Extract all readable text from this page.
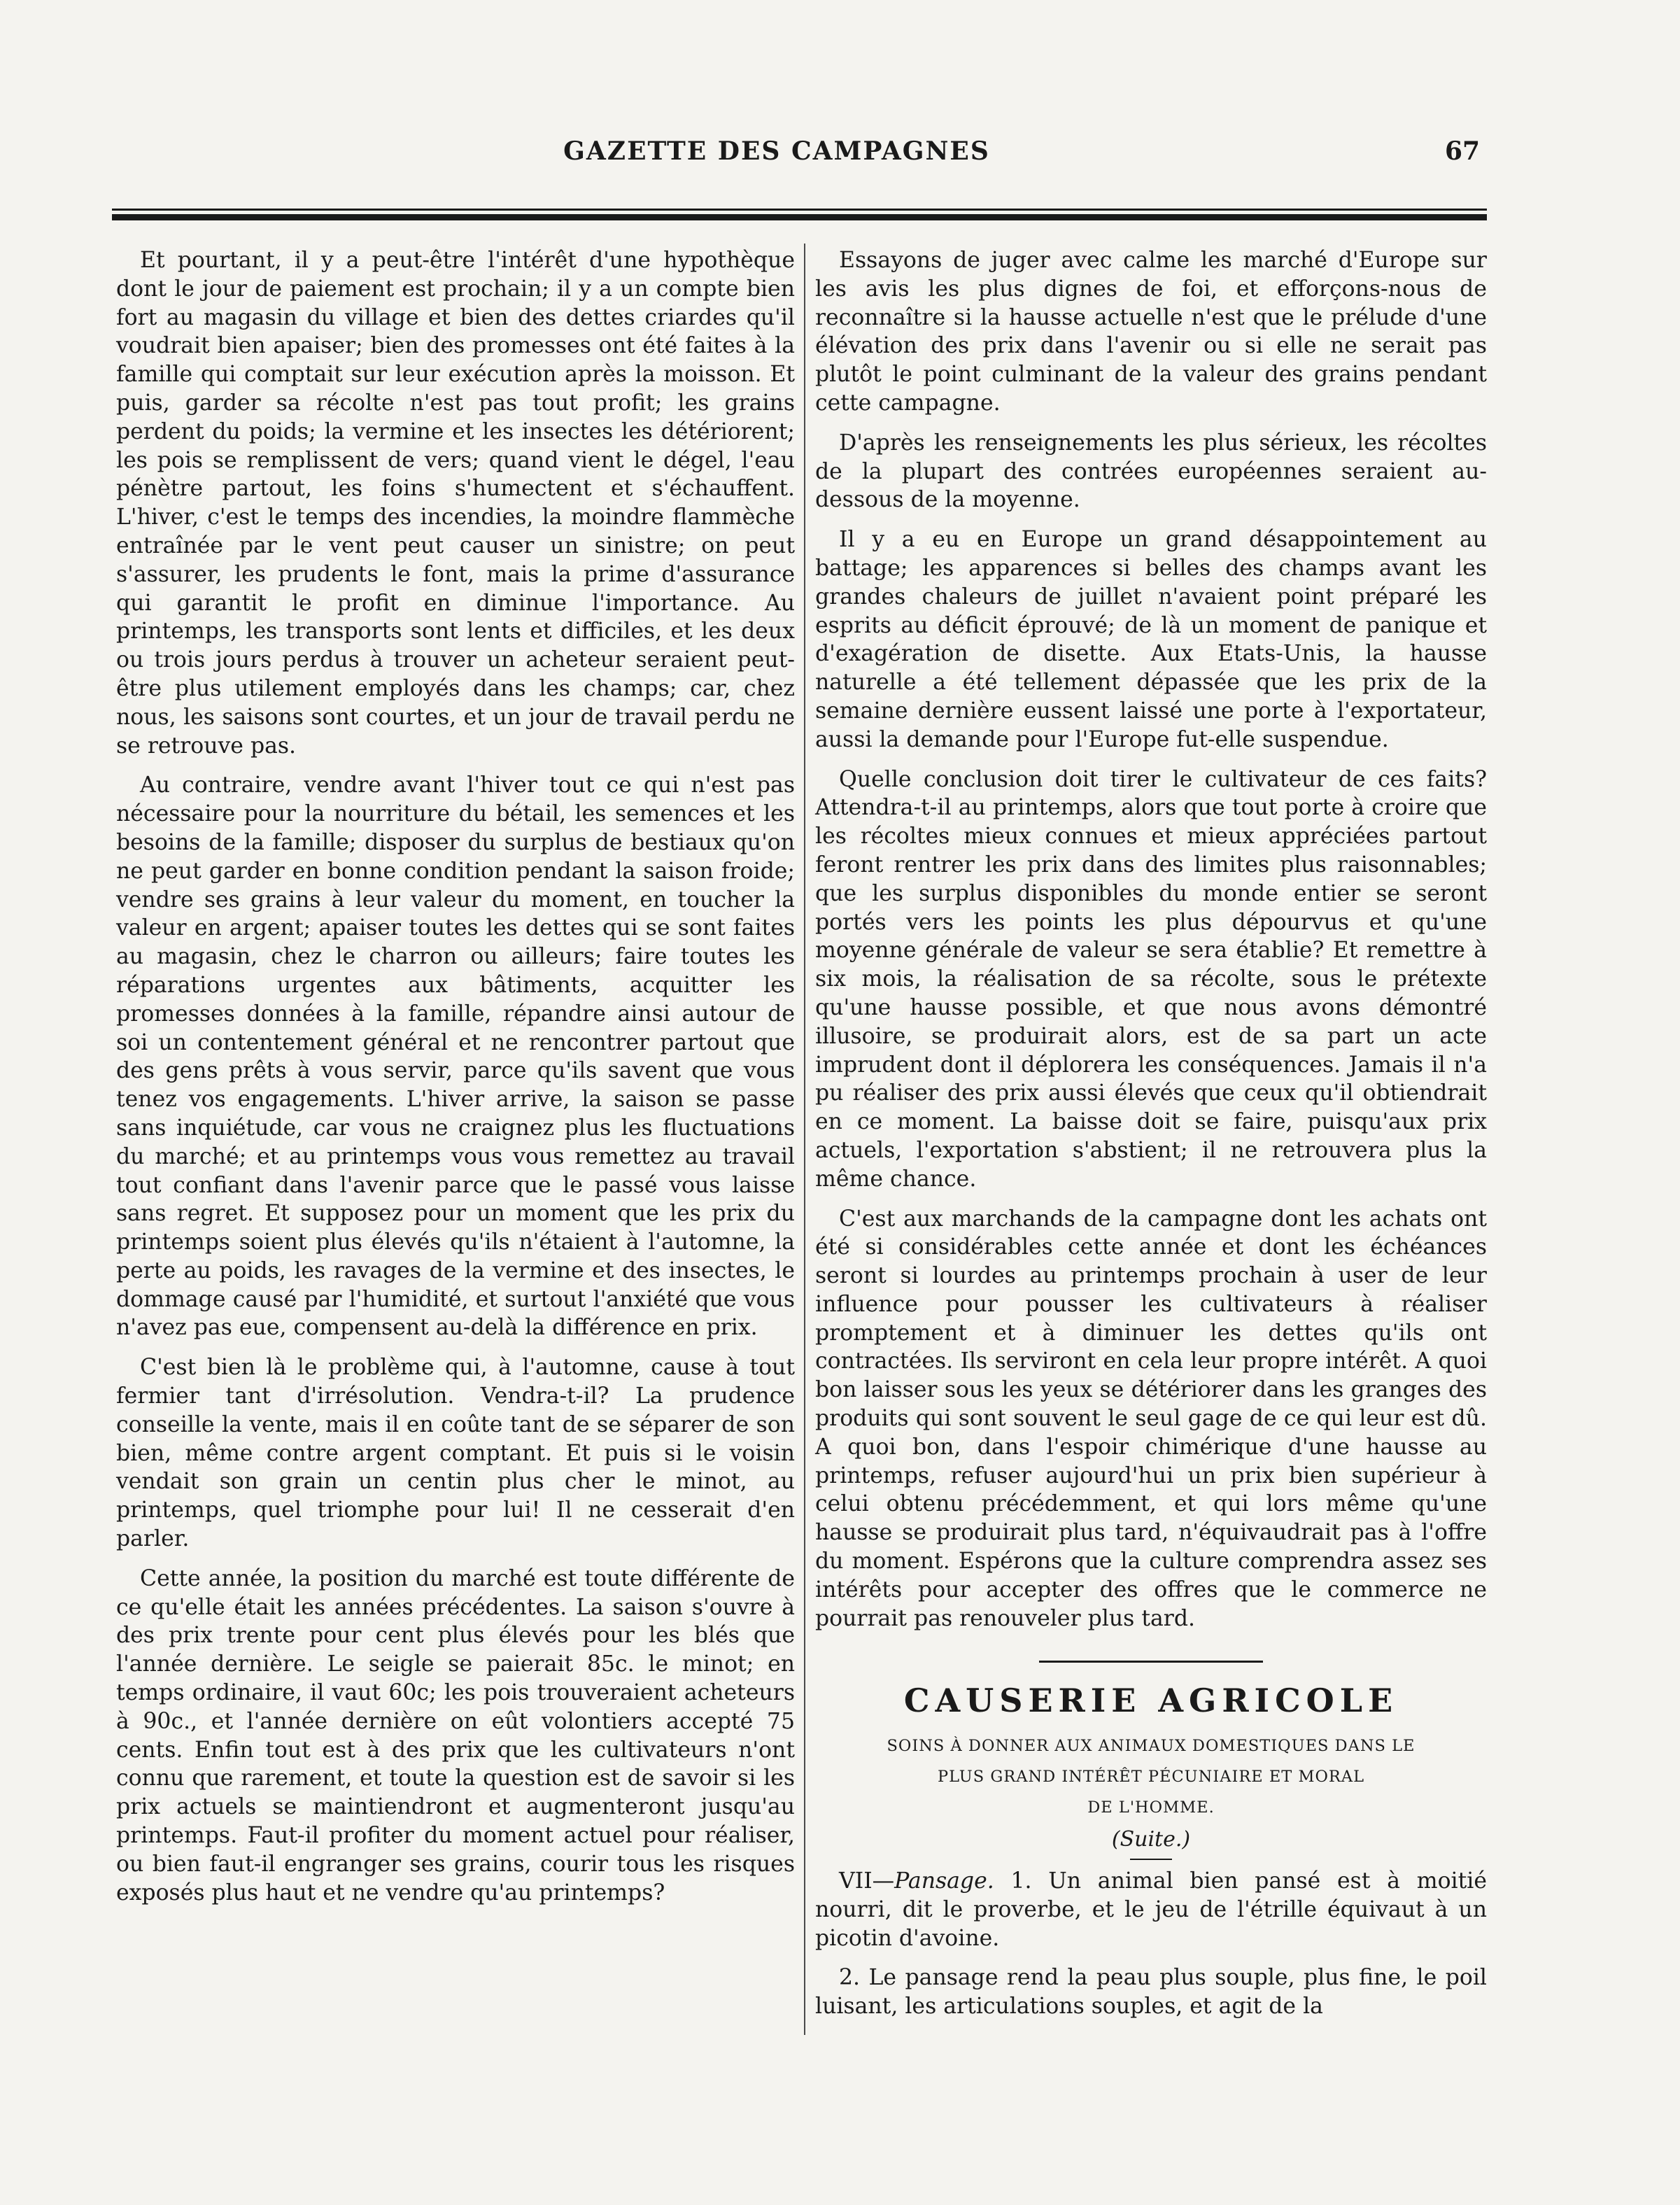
GAZETTE DES CAMPAGNES	67

Et pourtant, il y a peut-être l'intérêt d'une hypothèque dont le jour de paiement est prochain; il y a un compte bien fort au magasin du village et bien des dettes criardes qu'il voudrait bien apaiser; bien des promesses ont été faites à la famille qui comptait sur leur exécution après la moisson. Et puis, garder sa récolte n'est pas tout profit; les grains perdent du poids; la vermine et les insectes les détériorent; les pois se remplissent de vers; quand vient le dégel, l'eau pénètre partout, les foins s'humectent et s'échauffent. L'hiver, c'est le temps des incendies, la moindre flammèche entraînée par le vent peut causer un sinistre; on peut s'assurer, les prudents le font, mais la prime d'assurance qui garantit le profit en diminue l'importance. Au printemps, les transports sont lents et difficiles, et les deux ou trois jours perdus à trouver un acheteur seraient peut-être plus utilement employés dans les champs; car, chez nous, les saisons sont courtes, et un jour de travail perdu ne se retrouve pas.

Au contraire, vendre avant l'hiver tout ce qui n'est pas nécessaire pour la nourriture du bétail, les semences et les besoins de la famille; disposer du surplus de bestiaux qu'on ne peut garder en bonne condition pendant la saison froide; vendre ses grains à leur valeur du moment, en toucher la valeur en argent; apaiser toutes les dettes qui se sont faites au magasin, chez le charron ou ailleurs; faire toutes les réparations urgentes aux bâtiments, acquitter les promesses données à la famille, répandre ainsi autour de soi un contentement général et ne rencontrer partout que des gens prêts à vous servir, parce qu'ils savent que vous tenez vos engagements. L'hiver arrive, la saison se passe sans inquiétude, car vous ne craignez plus les fluctuations du marché; et au printemps vous vous remettez au travail tout confiant dans l'avenir parce que le passé vous laisse sans regret. Et supposez pour un moment que les prix du printemps soient plus élevés qu'ils n'étaient à l'automne, la perte au poids, les ravages de la vermine et des insectes, le dommage causé par l'humidité, et surtout l'anxiété que vous n'avez pas eue, compensent au-delà la différence en prix.

C'est bien là le problème qui, à l'automne, cause à tout fermier tant d'irrésolution. Vendra-t-il? La prudence conseille la vente, mais il en coûte tant de se séparer de son bien, même contre argent comptant. Et puis si le voisin vendait son grain un centin plus cher le minot, au printemps, quel triomphe pour lui! Il ne cesserait d'en parler.

Cette année, la position du marché est toute différente de ce qu'elle était les années précédentes. La saison s'ouvre à des prix trente pour cent plus élevés pour les blés que l'année dernière. Le seigle se paierait 85c. le minot; en temps ordinaire, il vaut 60c; les pois trouveraient acheteurs à 90c., et l'année dernière on eût volontiers accepté 75 cents. Enfin tout est à des prix que les cultivateurs n'ont connu que rarement, et toute la question est de savoir si les prix actuels se maintiendront et augmenteront jusqu'au printemps. Faut-il profiter du moment actuel pour réaliser, ou bien faut-il engranger ses grains, courir tous les risques exposés plus haut et ne vendre qu'au printemps?

Essayons de juger avec calme les marché d'Europe sur les avis les plus dignes de foi, et efforçons-nous de reconnaître si la hausse actuelle n'est que le prélude d'une élévation des prix dans l'avenir ou si elle ne serait pas plutôt le point culminant de la valeur des grains pendant cette campagne.

D'après les renseignements les plus sérieux, les récoltes de la plupart des contrées européennes seraient au-dessous de la moyenne.

Il y a eu en Europe un grand désappointement au battage; les apparences si belles des champs avant les grandes chaleurs de juillet n'avaient point préparé les esprits au déficit éprouvé; de là un moment de panique et d'exagération de disette. Aux Etats-Unis, la hausse naturelle a été tellement dépassée que les prix de la semaine dernière eussent laissé une porte à l'exportateur, aussi la demande pour l'Europe fut-elle suspendue.

Quelle conclusion doit tirer le cultivateur de ces faits? Attendra-t-il au printemps, alors que tout porte à croire que les récoltes mieux connues et mieux appréciées partout feront rentrer les prix dans des limites plus raisonnables; que les surplus disponibles du monde entier se seront portés vers les points les plus dépourvus et qu'une moyenne générale de valeur se sera établie? Et remettre à six mois, la réalisation de sa récolte, sous le prétexte qu'une hausse possible, et que nous avons démontré illusoire, se produirait alors, est de sa part un acte imprudent dont il déplorera les conséquences. Jamais il n'a pu réaliser des prix aussi élevés que ceux qu'il obtiendrait en ce moment. La baisse doit se faire, puisqu'aux prix actuels, l'exportation s'abstient; il ne retrouvera plus la même chance.

C'est aux marchands de la campagne dont les achats ont été si considérables cette année et dont les échéances seront si lourdes au printemps prochain à user de leur influence pour pousser les cultivateurs à réaliser promptement et à diminuer les dettes qu'ils ont contractées. Ils serviront en cela leur propre intérêt. A quoi bon laisser sous les yeux se détériorer dans les granges des produits qui sont souvent le seul gage de ce qui leur est dû. A quoi bon, dans l'espoir chimérique d'une hausse au printemps, refuser aujourd'hui un prix bien supérieur à celui obtenu précédemment, et qui lors même qu'une hausse se produirait plus tard, n'équivaudrait pas à l'offre du moment. Espérons que la culture comprendra assez ses intérêts pour accepter des offres que le commerce ne pourrait pas renouveler plus tard.

CAUSERIE AGRICOLE
SOINS À DONNER AUX ANIMAUX DOMESTIQUES DANS LE
PLUS GRAND INTÉRÊT PÉCUNIAIRE ET MORAL
DE L'HOMME.
(Suite.)

VII—Pansage. 1. Un animal bien pansé est à moitié nourri, dit le proverbe, et le jeu de l'étrille équivaut à un picotin d'avoine.

2. Le pansage rend la peau plus souple, plus fine, le poil luisant, les articulations souples, et agit de la
